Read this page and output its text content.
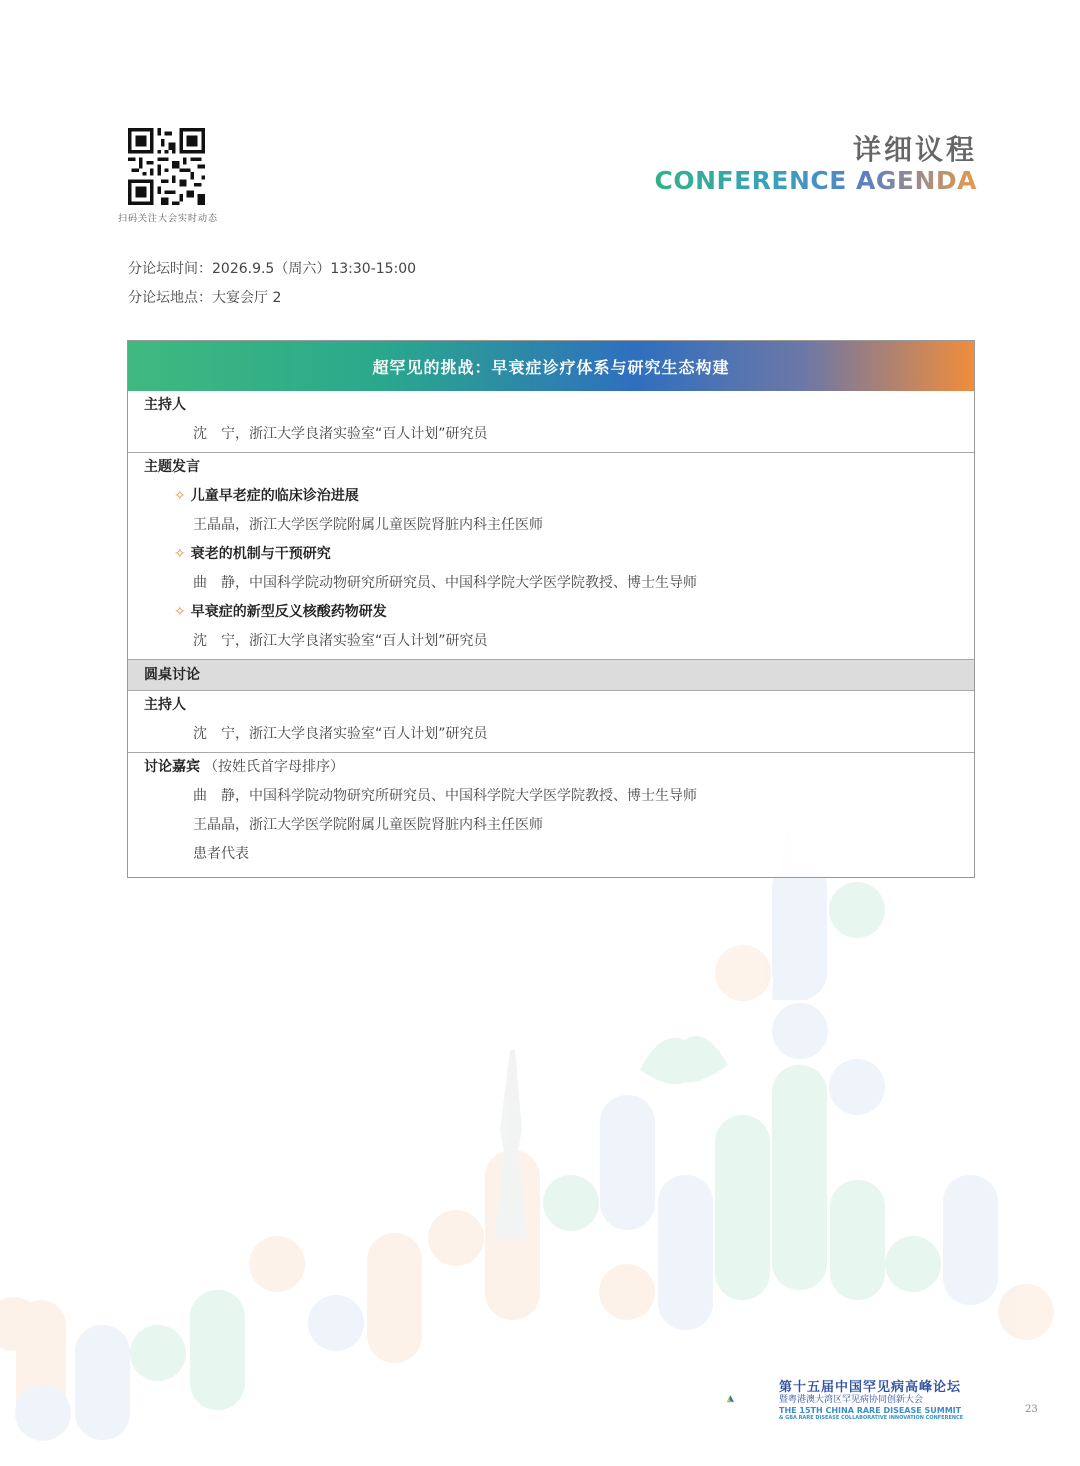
扫码关注大会实时动态
详细议程
CONFERENCE AGENDA
分论坛时间：2026.9.5（周六）13:30-15:00
分论坛地点：大宴会厅 2
超罕见的挑战：早衰症诊疗体系与研究生态构建
主持人
沈　宁，浙江大学良渚实验室“百人计划”研究员
主题发言
✧ 儿童早老症的临床诊治进展
王晶晶，浙江大学医学院附属儿童医院肾脏内科主任医师
✧ 衰老的机制与干预研究
曲　静，中国科学院动物研究所研究员、中国科学院大学医学院教授、博士生导师
✧ 早衰症的新型反义核酸药物研发
沈　宁，浙江大学良渚实验室“百人计划”研究员
圆桌讨论
主持人
沈　宁，浙江大学良渚实验室“百人计划”研究员
讨论嘉宾 （按姓氏首字母排序）
曲　静，中国科学院动物研究所研究员、中国科学院大学医学院教授、博士生导师
王晶晶，浙江大学医学院附属儿童医院肾脏内科主任医师
患者代表
第十五届中国罕见病高峰论坛
暨粤港澳大湾区罕见病协同创新大会
THE 15TH CHINA RARE DISEASE SUMMIT
& GBA RARE DISEASE COLLABORATIVE INNOVATION CONFERENCE
23
